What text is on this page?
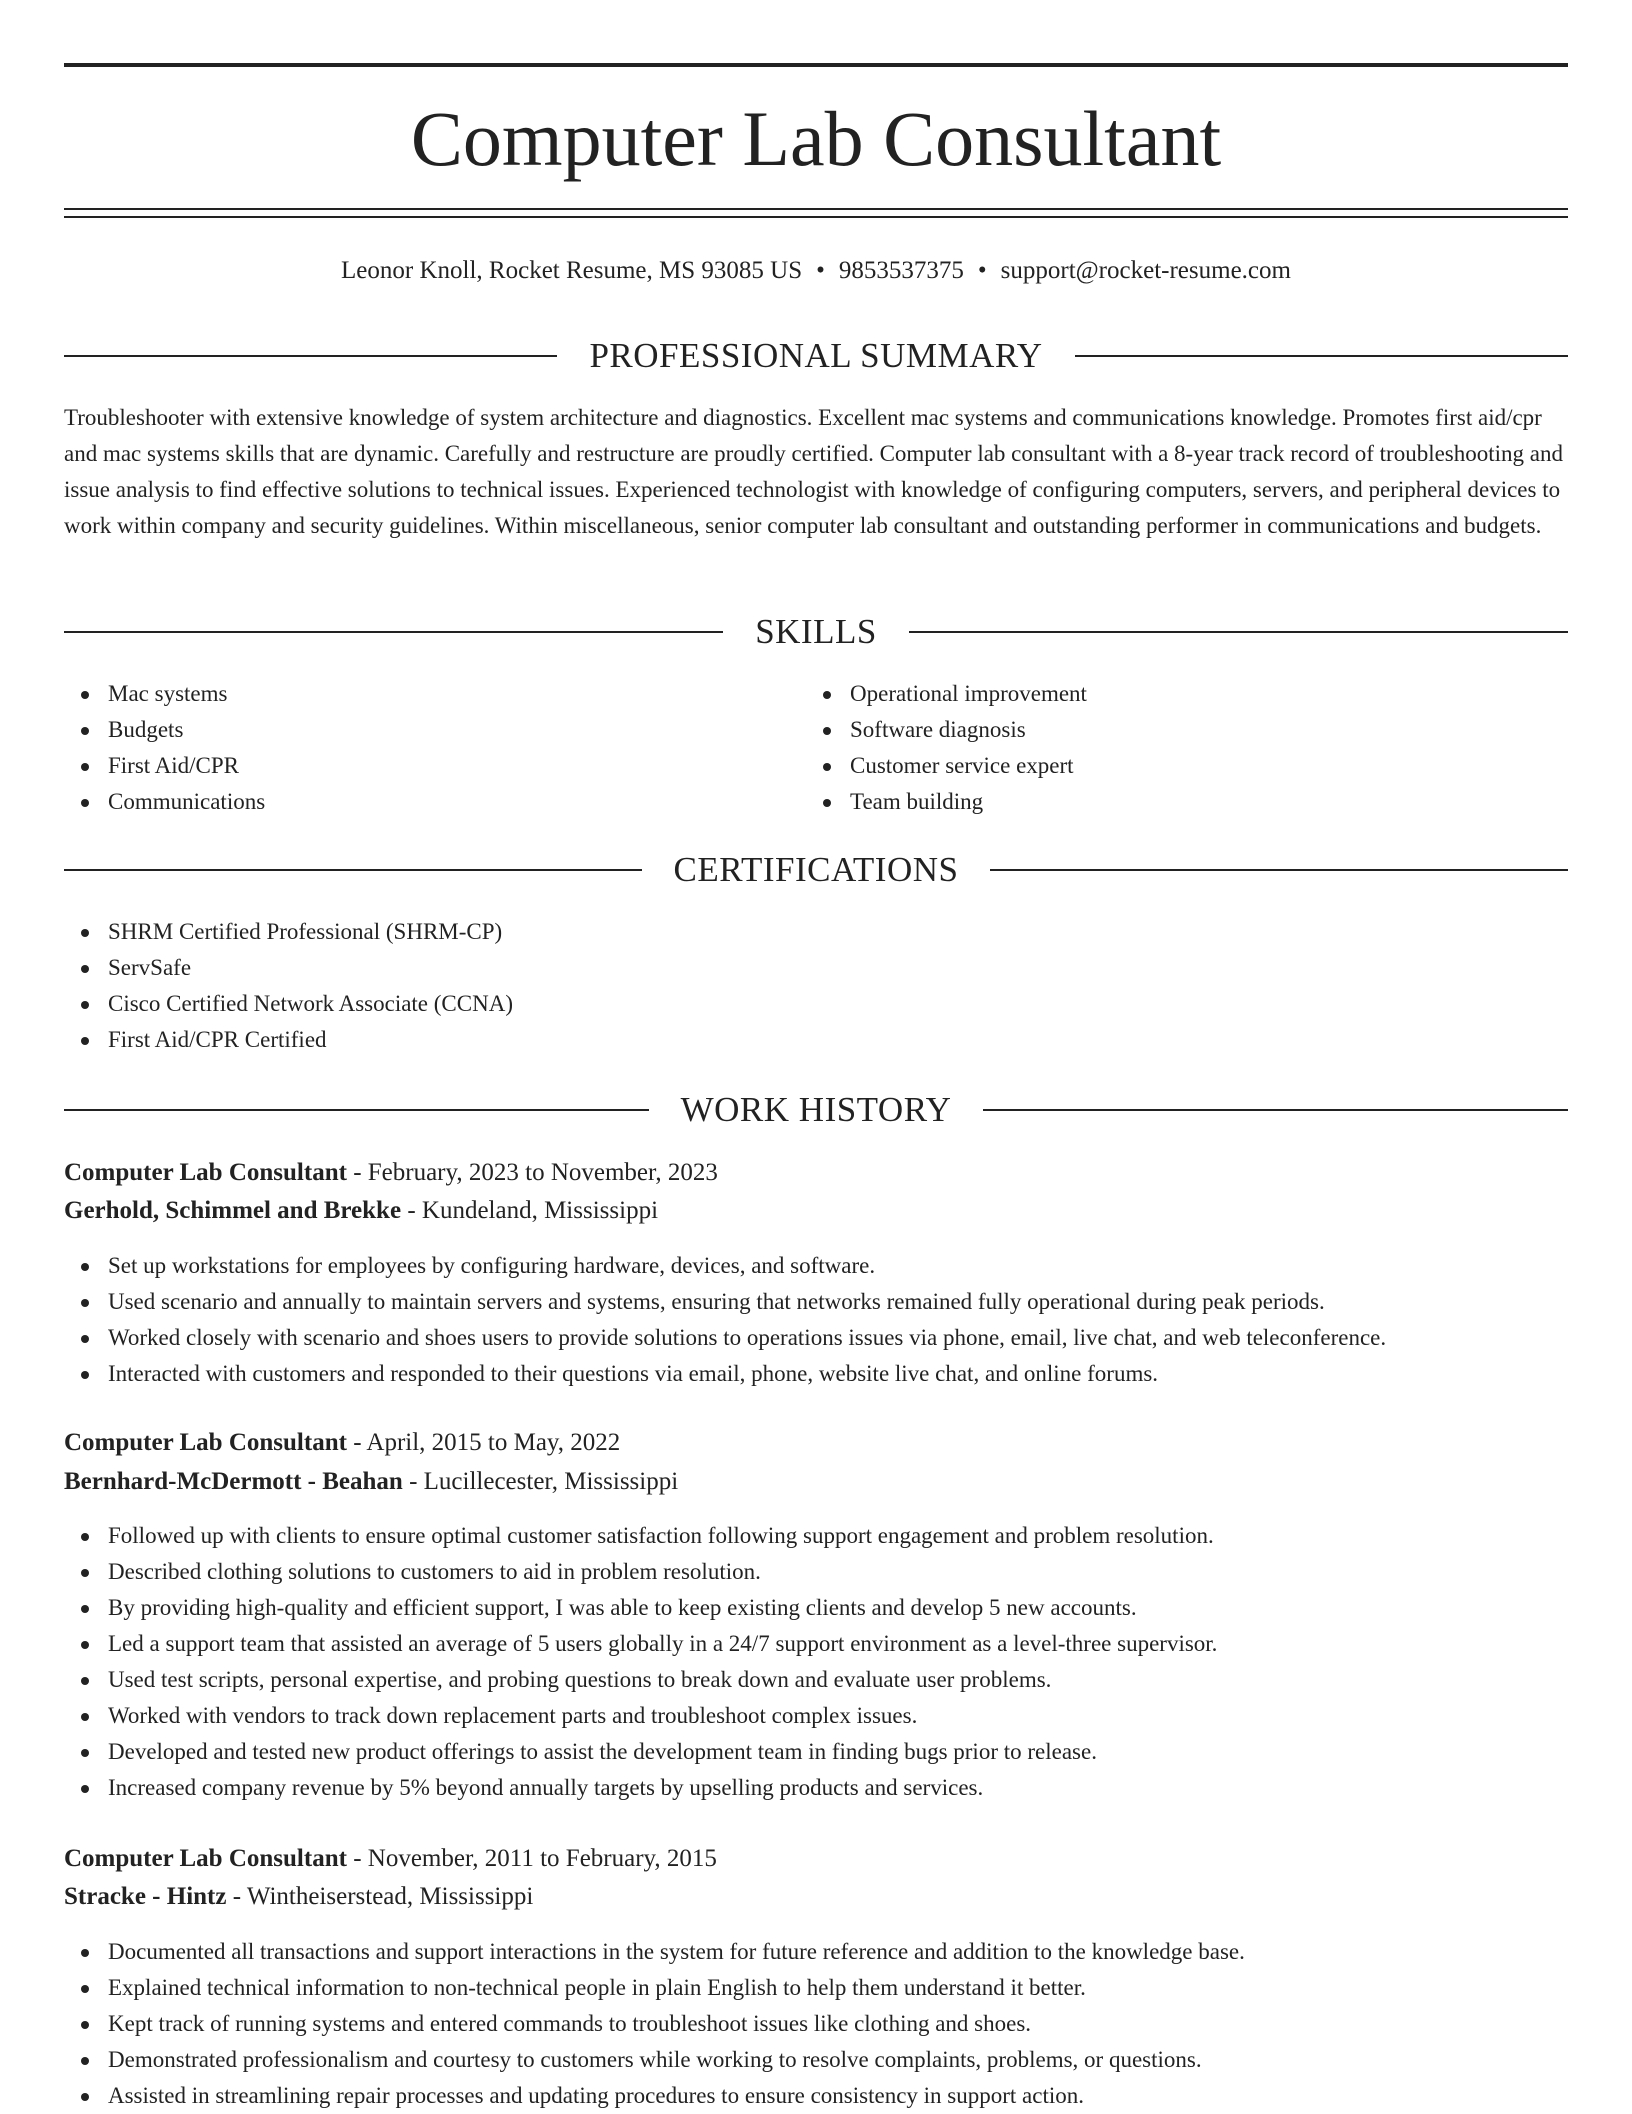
Computer Lab Consultant
Leonor Knoll, Rocket Resume, MS 93085 US • 9853537375 • support@rocket-resume.com
PROFESSIONAL SUMMARY

Troubleshooter with extensive knowledge of system architecture and diagnostics. Excellent mac systems and communications knowledge. Promotes first aid/cpr and mac systems skills that are dynamic. Carefully and restructure are proudly certified. Computer lab consultant with a 8-year track record of troubleshooting and issue analysis to find effective solutions to technical issues. Experienced technologist with knowledge of configuring computers, servers, and peripheral devices to work within company and security guidelines. Within miscellaneous, senior computer lab consultant and outstanding performer in communications and budgets.

SKILLS
Mac systems
Budgets
First Aid/CPR
Communications
Operational improvement
Software diagnosis
Customer service expert
Team building
CERTIFICATIONS
SHRM Certified Professional (SHRM-CP)
ServSafe
Cisco Certified Network Associate (CCNA)
First Aid/CPR Certified
WORK HISTORY
Computer Lab Consultant - February, 2023 to November, 2023
Gerhold, Schimmel and Brekke - Kundeland, Mississippi
Set up workstations for employees by configuring hardware, devices, and software.
Used scenario and annually to maintain servers and systems, ensuring that networks remained fully operational during peak periods.
Worked closely with scenario and shoes users to provide solutions to operations issues via phone, email, live chat, and web teleconference.
Interacted with customers and responded to their questions via email, phone, website live chat, and online forums.
Computer Lab Consultant - April, 2015 to May, 2022
Bernhard-McDermott - Beahan - Lucillecester, Mississippi
Followed up with clients to ensure optimal customer satisfaction following support engagement and problem resolution.
Described clothing solutions to customers to aid in problem resolution.
By providing high-quality and efficient support, I was able to keep existing clients and develop 5 new accounts.
Led a support team that assisted an average of 5 users globally in a 24/7 support environment as a level-three supervisor.
Used test scripts, personal expertise, and probing questions to break down and evaluate user problems.
Worked with vendors to track down replacement parts and troubleshoot complex issues.
Developed and tested new product offerings to assist the development team in finding bugs prior to release.
Increased company revenue by 5% beyond annually targets by upselling products and services.
Computer Lab Consultant - November, 2011 to February, 2015
Stracke - Hintz - Wintheiserstead, Mississippi
Documented all transactions and support interactions in the system for future reference and addition to the knowledge base.
Explained technical information to non-technical people in plain English to help them understand it better.
Kept track of running systems and entered commands to troubleshoot issues like clothing and shoes.
Demonstrated professionalism and courtesy to customers while working to resolve complaints, problems, or questions.
Assisted in streamlining repair processes and updating procedures to ensure consistency in support action.
